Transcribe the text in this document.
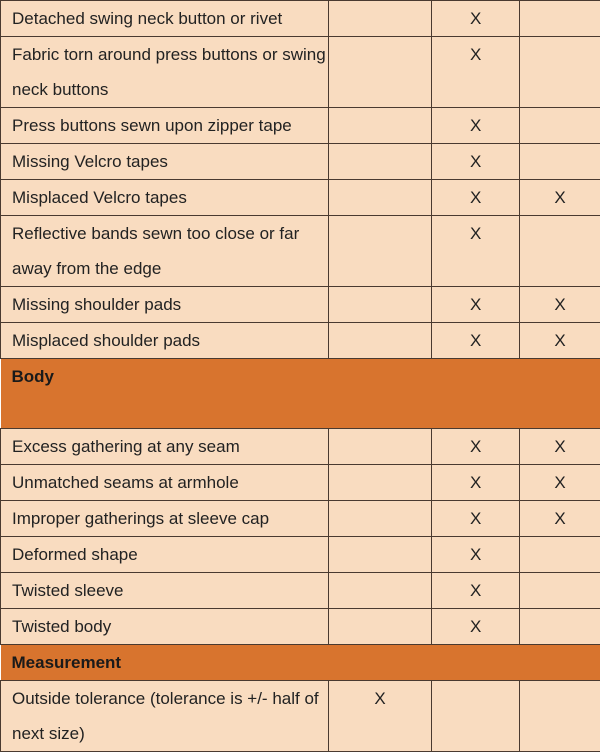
Detached swing neck button or rivet		X	
Fabric torn around press buttons or swing neck buttons		X	
Press buttons sewn upon zipper tape		X	
Missing Velcro tapes		X	
Misplaced Velcro tapes		X	X
Reflective bands sewn too close or far away from the edge		X	
Missing shoulder pads		X	X
Misplaced shoulder pads		X	X
Body			
Excess gathering at any seam		X	X
Unmatched seams at armhole		X	X
Improper gatherings at sleeve cap		X	X
Deformed shape		X	
Twisted sleeve		X	
Twisted body		X	
Measurement			
Outside tolerance (tolerance is +/- half of next size)	X		
